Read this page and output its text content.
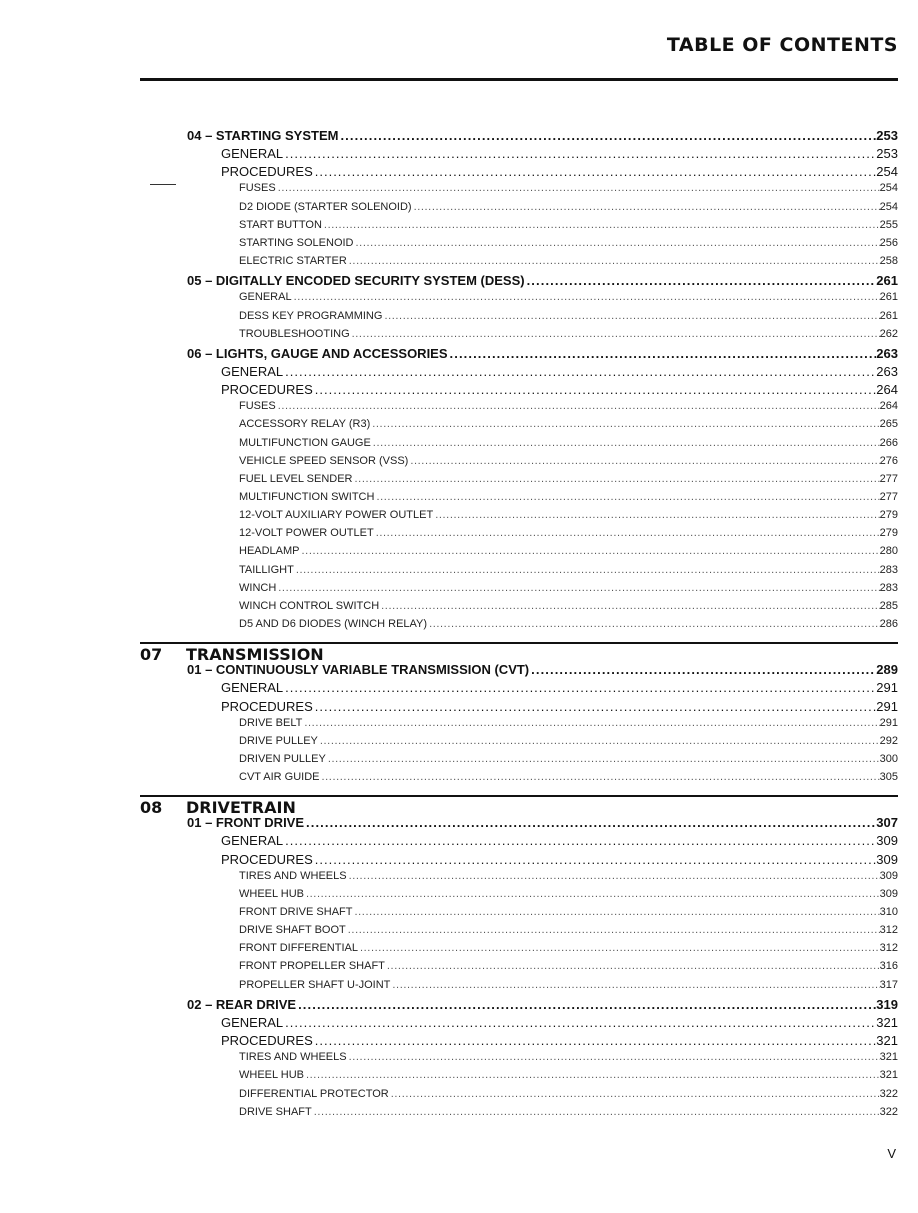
TABLE OF CONTENTS
04 – STARTING SYSTEM .....	253
GENERAL .....	253
PROCEDURES .....	254
FUSES .....	254
D2 DIODE (STARTER SOLENOID) .....	254
START BUTTON .....	255
STARTING SOLENOID .....	256
ELECTRIC STARTER .....	258
05 – DIGITALLY ENCODED SECURITY SYSTEM (DESS) .....	261
GENERAL .....	261
DESS KEY PROGRAMMING .....	261
TROUBLESHOOTING .....	262
06 – LIGHTS, GAUGE AND ACCESSORIES .....	263
GENERAL .....	263
PROCEDURES .....	264
FUSES .....	264
ACCESSORY RELAY (R3) .....	265
MULTIFUNCTION GAUGE .....	266
VEHICLE SPEED SENSOR (VSS) .....	276
FUEL LEVEL SENDER .....	277
MULTIFUNCTION SWITCH .....	277
12-VOLT AUXILIARY POWER OUTLET .....	279
12-VOLT POWER OUTLET .....	279
HEADLAMP .....	280
TAILLIGHT .....	283
WINCH .....	283
WINCH CONTROL SWITCH .....	285
D5 AND D6 DIODES (WINCH RELAY) .....	286
07 TRANSMISSION
01 – CONTINUOUSLY VARIABLE TRANSMISSION (CVT) .....	289
GENERAL .....	291
PROCEDURES .....	291
DRIVE BELT .....	291
DRIVE PULLEY .....	292
DRIVEN PULLEY .....	300
CVT AIR GUIDE .....	305
08 DRIVETRAIN
01 – FRONT DRIVE .....	307
GENERAL .....	309
PROCEDURES .....	309
TIRES AND WHEELS .....	309
WHEEL HUB .....	309
FRONT DRIVE SHAFT .....	310
DRIVE SHAFT BOOT .....	312
FRONT DIFFERENTIAL .....	312
FRONT PROPELLER SHAFT .....	316
PROPELLER SHAFT U-JOINT .....	317
02 – REAR DRIVE .....	319
GENERAL .....	321
PROCEDURES .....	321
TIRES AND WHEELS .....	321
WHEEL HUB .....	321
DIFFERENTIAL PROTECTOR .....	322
DRIVE SHAFT .....	322
V
